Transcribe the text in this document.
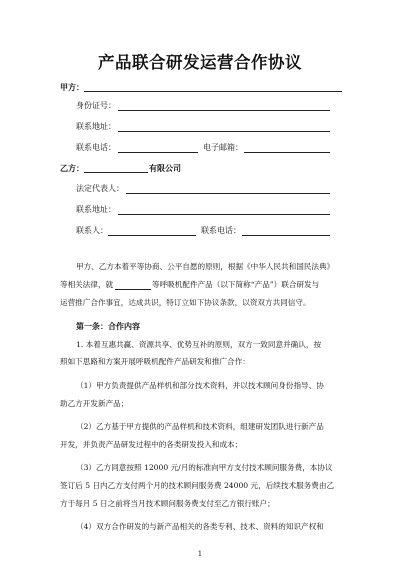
产品联合研发运营合作协议
甲方：
身份证号：
联系地址：
联系电话：	电子邮箱：
乙方：	有限公司
法定代表人：
联系地址：
联系人：	联系电话：
甲方、乙方本着平等协商、公平自愿的原则，根据《中华人民共和国民法典》
等相关法律，就	等呼吸机配件产品（以下简称“产品”）联合研发与
运营推广合作事宜，达成共识，特订立如下协议条款，以资双方共同信守。
第一条：合作内容
1. 本着互惠共赢、资源共享、优势互补的原则，双方一致同意并确认，按
照如下思路和方案开展呼吸机配件产品研发和推广合作：
（1）甲方负责提供产品样机和部分技术资料，并以技术顾问身份指导、协
助乙方开发新产品；
（2）乙方基于甲方提供的产品样机和技术资料，组建研发团队进行新产品
开发，并负责产品研发过程中的各类研发投入和成本；
（3）乙方同意按照 12000 元/月的标准向甲方支付技术顾问服务费，本协议
签订后 5 日内乙方支付两个月的技术顾问服务费 24000 元，后续技术服务费由乙
方于每月 5 日之前将当月技术顾问服务费支付至乙方银行账户；
（4）双方合作研发的与新产品相关的各类专利、技术、资料的知识产权和
1
